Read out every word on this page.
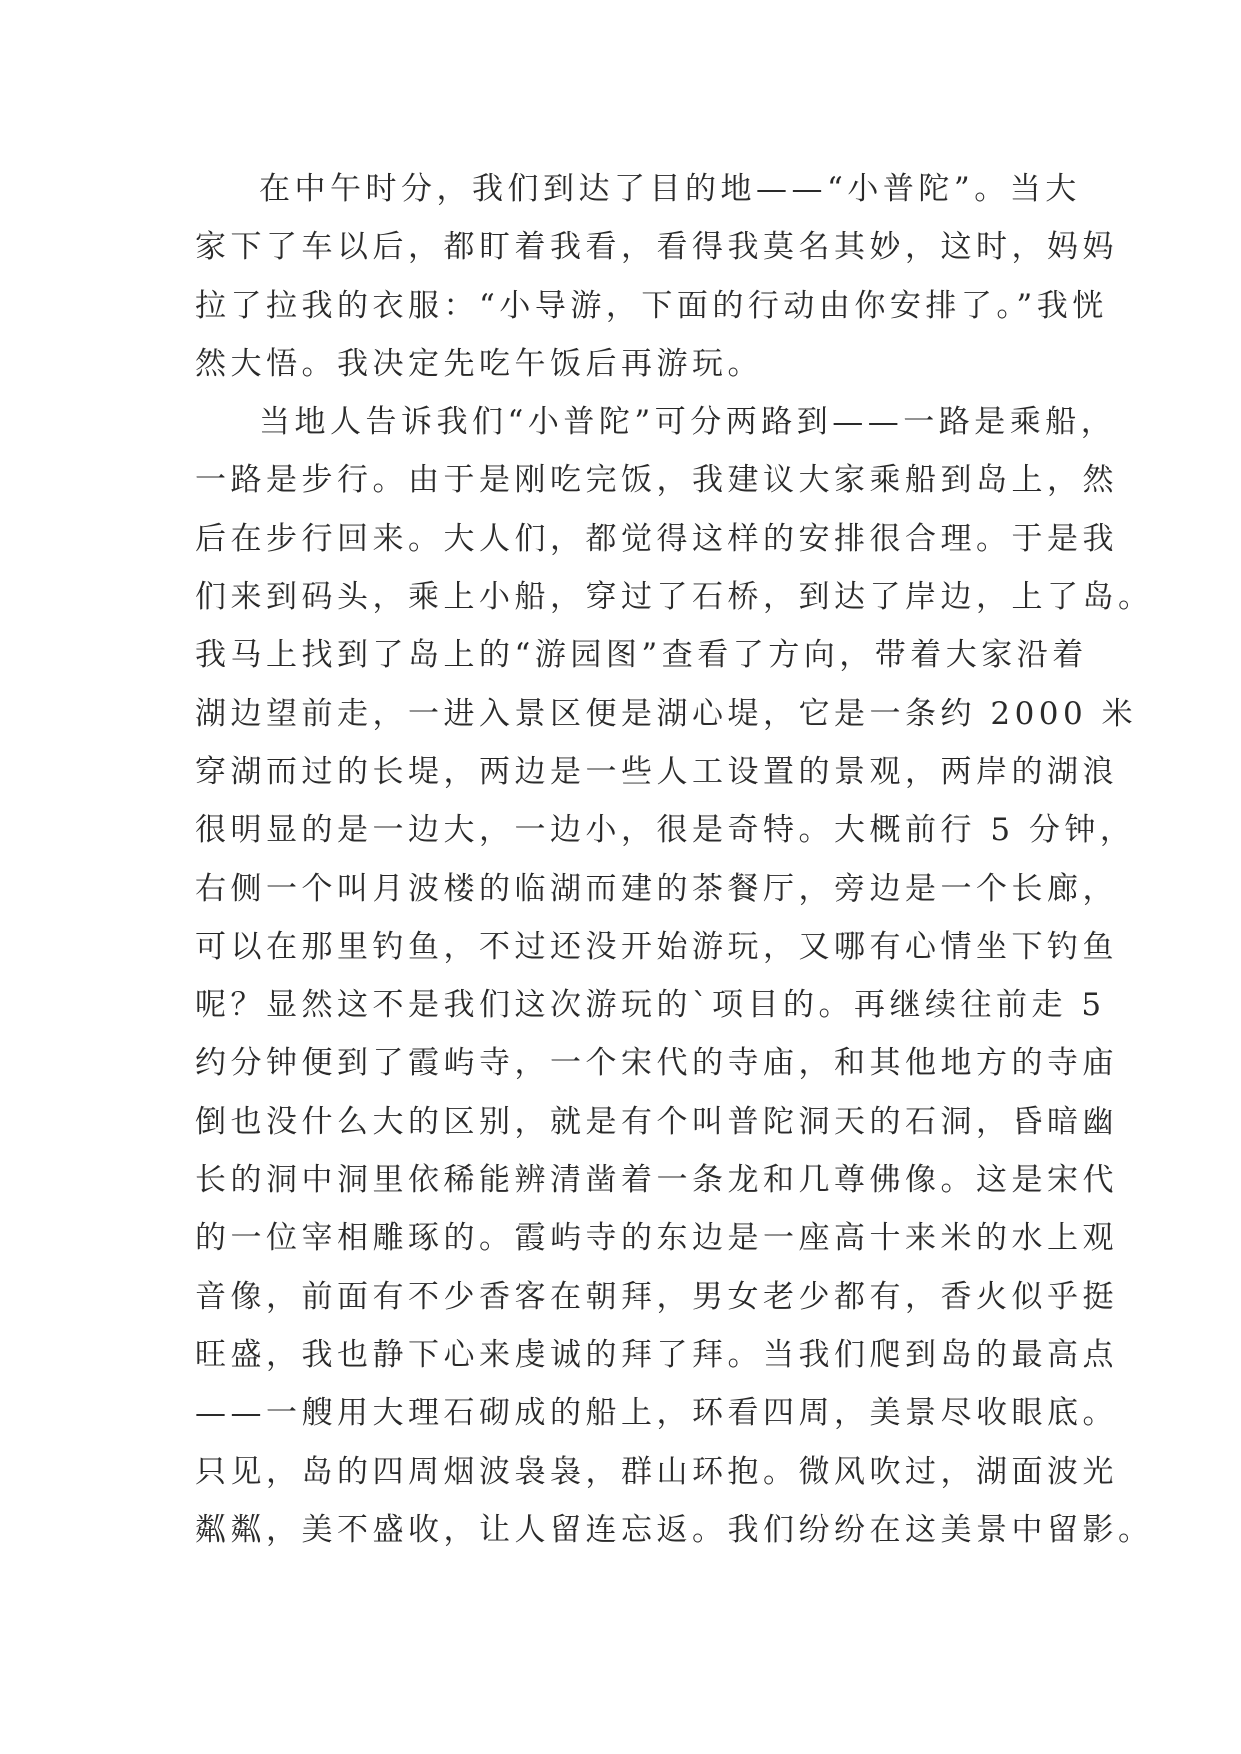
在中午时分，我们到达了目的地——“小普陀”。当大
家下了车以后，都盯着我看，看得我莫名其妙，这时，妈妈
拉了拉我的衣服：“小导游，下面的行动由你安排了。”我恍
然大悟。我决定先吃午饭后再游玩。
当地人告诉我们“小普陀”可分两路到——一路是乘船，
一路是步行。由于是刚吃完饭，我建议大家乘船到岛上，然
后在步行回来。大人们，都觉得这样的安排很合理。于是我
们来到码头，乘上小船，穿过了石桥，到达了岸边，上了岛。
我马上找到了岛上的“游园图”查看了方向，带着大家沿着
湖边望前走，一进入景区便是湖心堤，它是一条约 2000 米
穿湖而过的长堤，两边是一些人工设置的景观，两岸的湖浪
很明显的是一边大，一边小，很是奇特。大概前行 5 分钟，
右侧一个叫月波楼的临湖而建的茶餐厅，旁边是一个长廊，
可以在那里钓鱼，不过还没开始游玩，又哪有心情坐下钓鱼
呢？显然这不是我们这次游玩的`项目的。再继续往前走 5
约分钟便到了霞屿寺，一个宋代的寺庙，和其他地方的寺庙
倒也没什么大的区别，就是有个叫普陀洞天的石洞，昏暗幽
长的洞中洞里依稀能辨清凿着一条龙和几尊佛像。这是宋代
的一位宰相雕琢的。霞屿寺的东边是一座高十来米的水上观
音像，前面有不少香客在朝拜，男女老少都有，香火似乎挺
旺盛，我也静下心来虔诚的拜了拜。当我们爬到岛的最高点
——一艘用大理石砌成的船上，环看四周，美景尽收眼底。
只见，岛的四周烟波袅袅，群山环抱。微风吹过，湖面波光
粼粼，美不盛收，让人留连忘返。我们纷纷在这美景中留影。
